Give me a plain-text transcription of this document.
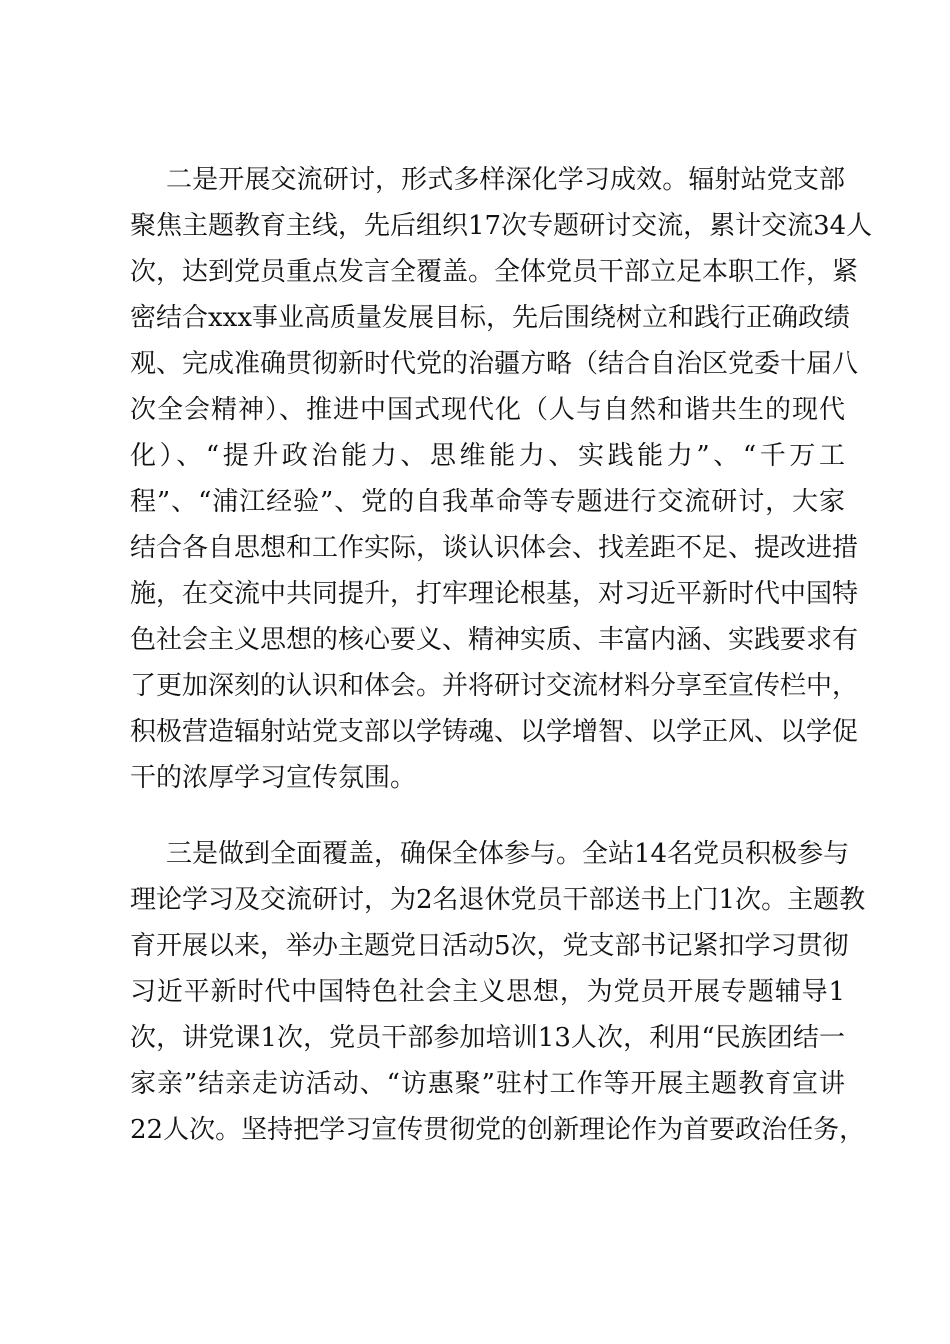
二是开展交流研讨，形式多样深化学习成效。辐射站党支部
聚焦主题教育主线，先后组织17次专题研讨交流，累计交流34人
次，达到党员重点发言全覆盖。全体党员干部立足本职工作，紧
密结合xxx事业高质量发展目标，先后围绕树立和践行正确政绩
观、完成准确贯彻新时代党的治疆方略（结合自治区党委十届八
次全会精神）、推进中国式现代化（人与自然和谐共生的现代
化）、“提升政治能力、思维能力、实践能力”、“千万工
程”、“浦江经验”、党的自我革命等专题进行交流研讨，大家
结合各自思想和工作实际，谈认识体会、找差距不足、提改进措
施，在交流中共同提升，打牢理论根基，对习近平新时代中国特
色社会主义思想的核心要义、精神实质、丰富内涵、实践要求有
了更加深刻的认识和体会。并将研讨交流材料分享至宣传栏中，
积极营造辐射站党支部以学铸魂、以学增智、以学正风、以学促
干的浓厚学习宣传氛围。
三是做到全面覆盖，确保全体参与。全站14名党员积极参与
理论学习及交流研讨，为2名退休党员干部送书上门1次。主题教
育开展以来，举办主题党日活动5次，党支部书记紧扣学习贯彻
习近平新时代中国特色社会主义思想，为党员开展专题辅导1
次，讲党课1次，党员干部参加培训13人次，利用“民族团结一
家亲”结亲走访活动、“访惠聚”驻村工作等开展主题教育宣讲
22人次。坚持把学习宣传贯彻党的创新理论作为首要政治任务，
